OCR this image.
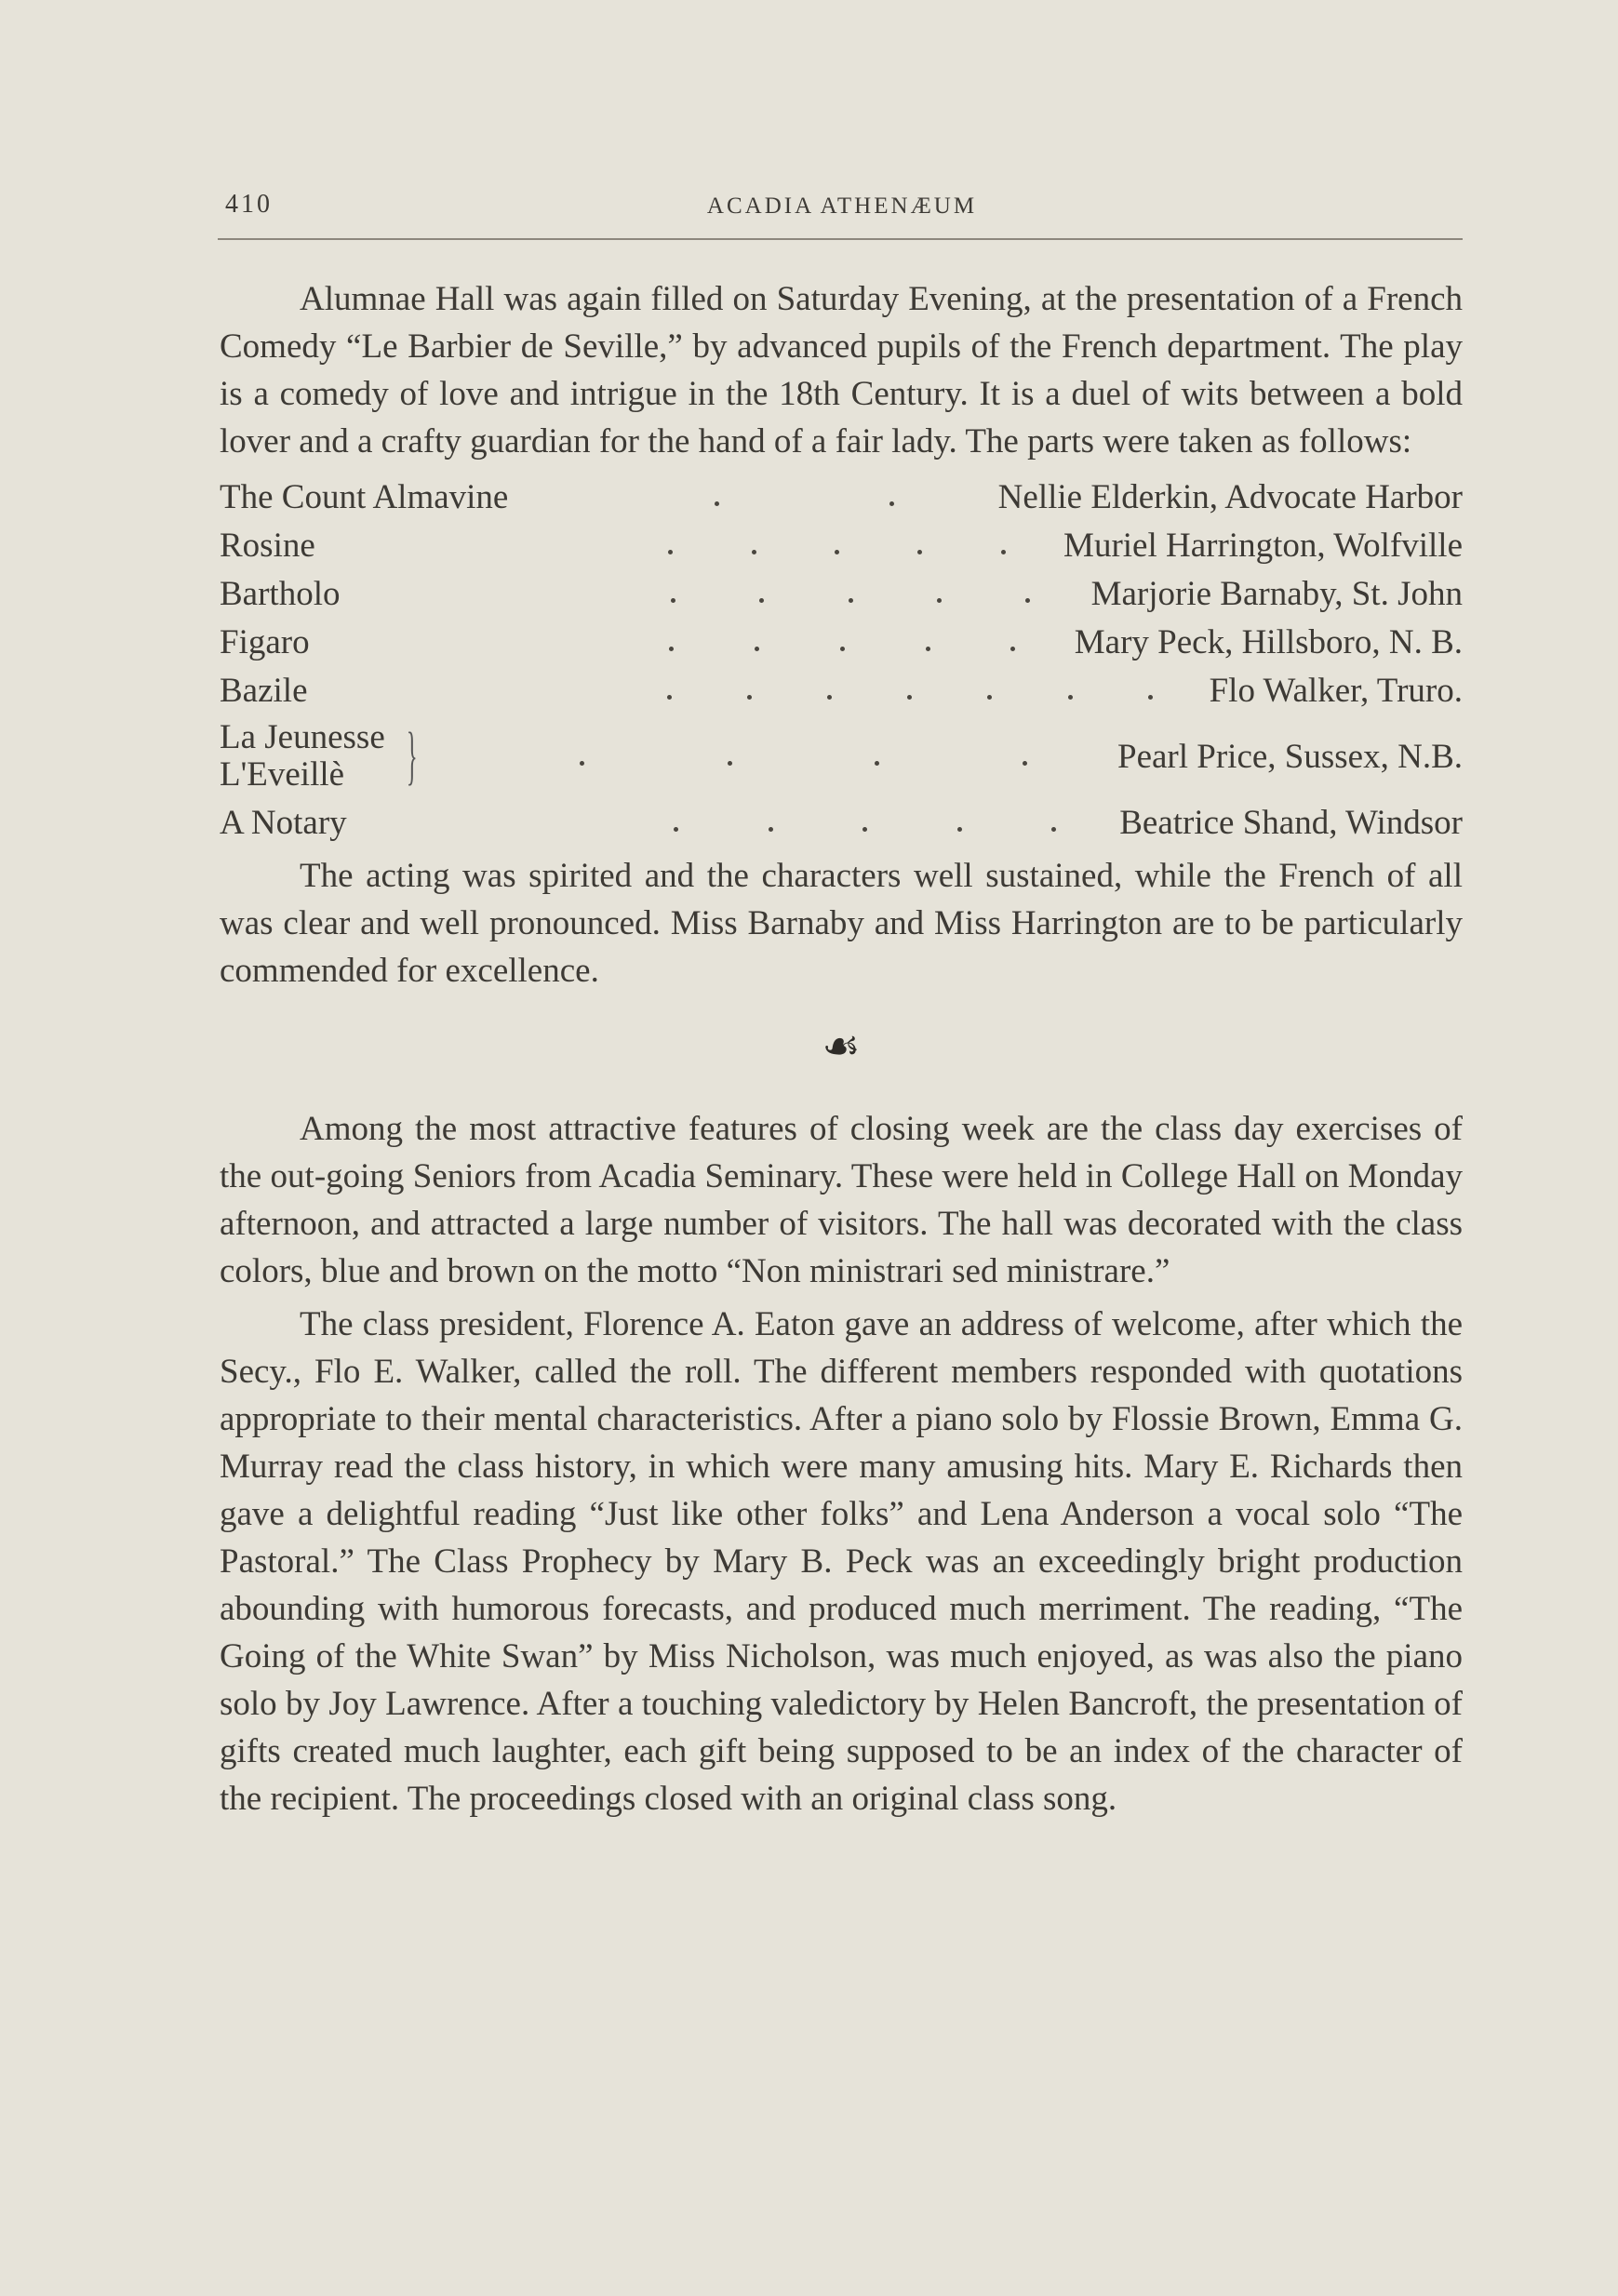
410	ACADIA ATHENÆUM

Alumnae Hall was again filled on Saturday Evening, at the presentation of a French Comedy “Le Barbier de Seville,” by advanced pupils of the French department. The play is a comedy of love and intrigue in the 18th Century. It is a duel of wits between a bold lover and a crafty guardian for the hand of a fair lady. The parts were taken as follows:

The Count Almavine	Nellie Elderkin, Advocate Harbor
Rosine	Muriel Harrington, Wolfville
Bartholo	Marjorie Barnaby, St. John
Figaro	Mary Peck, Hillsboro, N. B.
Bazile	Flo Walker, Truro.
La Jeunesse
L'Eveillè }	Pearl Price, Sussex, N.B.
A Notary	Beatrice Shand, Windsor

The acting was spirited and the characters well sustained, while the French of all was clear and well pronounced. Miss Barnaby and Miss Harrington are to be particularly commended for excellence.

☙

Among the most attractive features of closing week are the class day exercises of the out-going Seniors from Acadia Seminary. These were held in College Hall on Monday afternoon, and attracted a large number of visitors. The hall was decorated with the class colors, blue and brown on the motto “Non ministrari sed ministrare.”

The class president, Florence A. Eaton gave an address of welcome, after which the Secy., Flo E. Walker, called the roll. The different members responded with quotations appropriate to their mental characteristics. After a piano solo by Flossie Brown, Emma G. Murray read the class history, in which were many amusing hits. Mary E. Richards then gave a delightful reading “Just like other folks” and Lena Anderson a vocal solo “The Pastoral.” The Class Prophecy by Mary B. Peck was an exceedingly bright production abounding with humorous forecasts, and produced much merriment. The reading, “The Going of the White Swan” by Miss Nicholson, was much enjoyed, as was also the piano solo by Joy Lawrence. After a touching valedictory by Helen Bancroft, the presentation of gifts created much laughter, each gift being supposed to be an index of the character of the recipient. The proceedings closed with an original class song.
